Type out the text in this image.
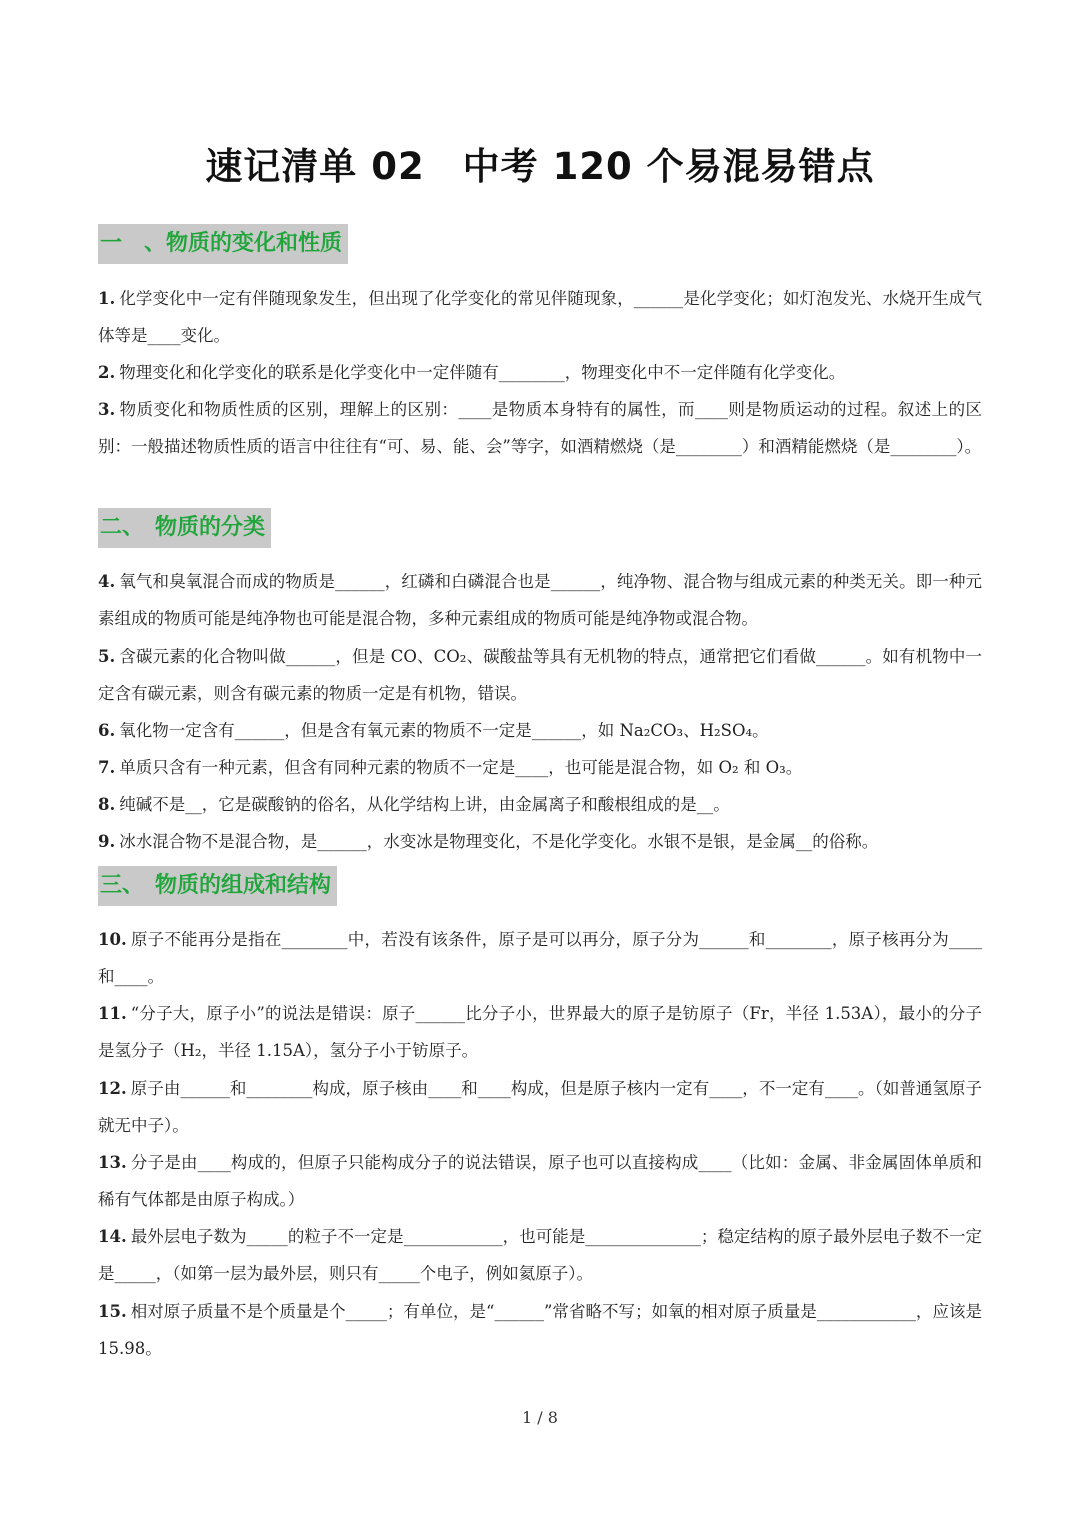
速记清单 02　中考 120 个易混易错点
一　、物质的变化和性质
1. 化学变化中一定有伴随现象发生，但出现了化学变化的常见伴随现象，______是化学变化；如灯泡发光、水烧开生成气体等是____变化。
2. 物理变化和化学变化的联系是化学变化中一定伴随有________，物理变化中不一定伴随有化学变化。
3. 物质变化和物质性质的区别，理解上的区别：____是物质本身特有的属性，而____则是物质运动的过程。叙述上的区别：一般描述物质性质的语言中往往有“可、易、能、会”等字，如酒精燃烧（是________）和酒精能燃烧（是________）。
二、　物质的分类
4. 氧气和臭氧混合而成的物质是______，红磷和白磷混合也是______，纯净物、混合物与组成元素的种类无关。即一种元素组成的物质可能是纯净物也可能是混合物，多种元素组成的物质可能是纯净物或混合物。
5. 含碳元素的化合物叫做______，但是 CO、CO₂、碳酸盐等具有无机物的特点，通常把它们看做______。如有机物中一定含有碳元素，则含有碳元素的物质一定是有机物，错误。
6. 氧化物一定含有______，但是含有氧元素的物质不一定是______，如 Na₂CO₃、H₂SO₄。
7. 单质只含有一种元素，但含有同种元素的物质不一定是____，也可能是混合物，如 O₂ 和 O₃。
8. 纯碱不是__，它是碳酸钠的俗名，从化学结构上讲，由金属离子和酸根组成的是__。
9. 冰水混合物不是混合物，是______，水变冰是物理变化，不是化学变化。水银不是银，是金属__的俗称。
三、　物质的组成和结构
10. 原子不能再分是指在________中，若没有该条件，原子是可以再分，原子分为______和________，原子核再分为____和____。
11. “分子大，原子小”的说法是错误：原子______比分子小，世界最大的原子是钫原子（Fr，半径 1.53A），最小的分子是氢分子（H₂，半径 1.15A），氢分子小于钫原子。
12. 原子由______和________构成，原子核由____和____构成，但是原子核内一定有____，不一定有____。（如普通氢原子就无中子）。
13. 分子是由____构成的，但原子只能构成分子的说法错误，原子也可以直接构成____（比如：金属、非金属固体单质和稀有气体都是由原子构成。）
14. 最外层电子数为_____的粒子不一定是____________，也可能是______________；稳定结构的原子最外层电子数不一定是_____，（如第一层为最外层，则只有_____个电子，例如氦原子）。
15. 相对原子质量不是个质量是个_____；有单位，是“______”常省略不写；如氧的相对原子质量是____________，应该是 15.98。
1 / 8
